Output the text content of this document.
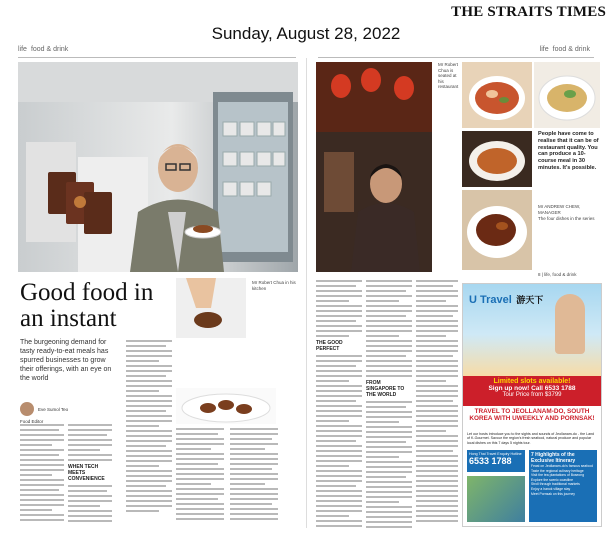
THE STRAITS TIMES
Sunday, August 28, 2022
life food & drink	life food & drink
Mr Robert Chua is seated at his restaurant
People have come to realise that it can be of restaurant quality. You can produce a 10-course meal in 30 minutes. It's possible.
Mr ANDREW CHEW, MANAGER
The four dishes in the series
Good food in an instant
The burgeoning demand for tasty ready-to-eat meals has spurred businesses to grow their offerings, with an eye on the world
Eve Sumol Teo
Food Editor
Mr Robert Chua in his kitchen
WHEN TECH MEETS CONVENIENCE
THE GOOD PERFECT
FROM SINGAPORE TO THE WORLD
8 | life, food & drink
U Travel 游天下
Limited slots available!
Sign up now! Call 6533 1788
Tour Price from $3799
TRAVEL TO JEOLLANAM-DO, SOUTH KOREA WITH UWEEKLY AND PORNSAK!
Let our hosts introduce you to the sights and sounds of Jeollanam-do - the Land of K-Gourmet. Savour the region's fresh seafood, natural produce and popular local dishes on this 7 days 5 nights tour.
Hong Thai Travel Enquiry Hotline
6533 1788
7 Highlights of the Exclusive Itinerary
Feast on Jeollanam-do's famous seafood
Taste the regional culinary heritage
Visit the tea plantations of Boseong
Explore the scenic coastline
Stroll through traditional markets
Enjoy a hanok village stay
Meet Pornsak on this journey
